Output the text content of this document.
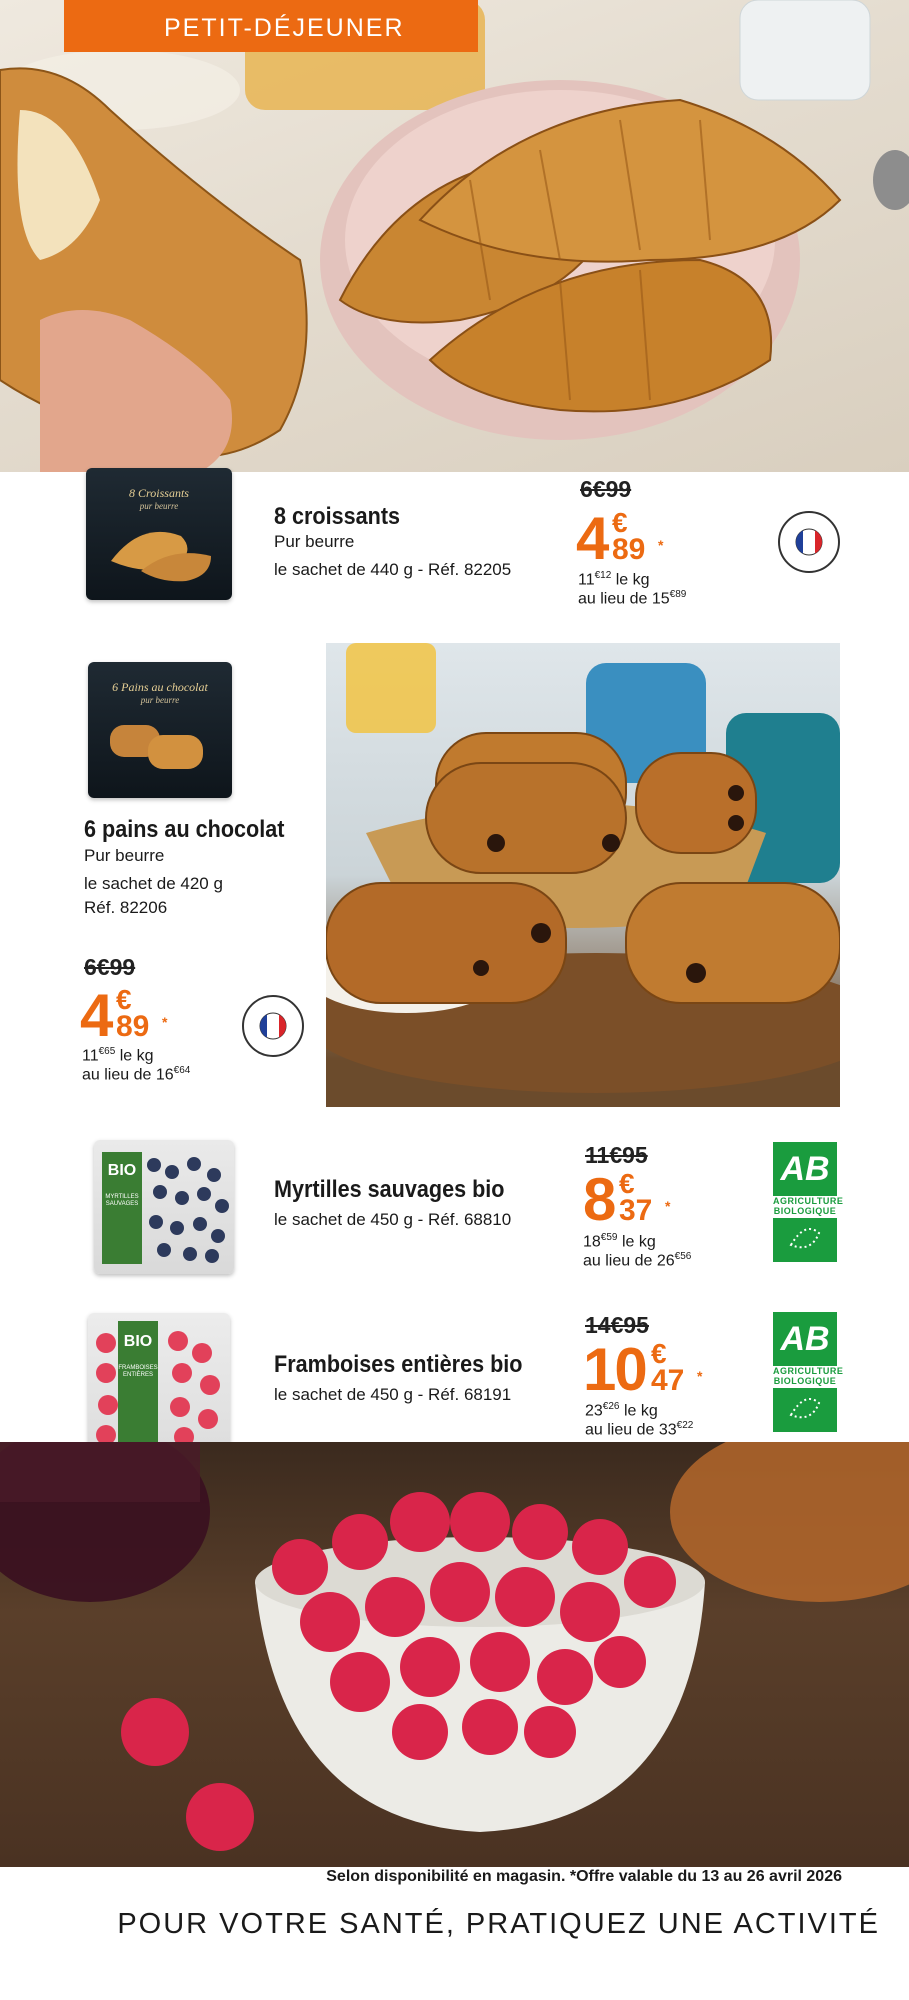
PETIT-DÉJEUNER
8 Croissants
pur beurre	8 croissants
Pur beurre
le sachet de 440 g - Réf. 82205
6€99
4 €
89 *
$11^{€12}$ le kg
au lieu de $15^{€89}$
6 Pains au chocolat
pur beurre
6 pains au chocolat
Pur beurre
le sachet de 420 g
Réf. 82206
6€99
4 €
89 *
$11^{€65}$ le kg
au lieu de $16^{€64}$
BIO
MYRTILLES SAUVAGES
Myrtilles sauvages bio
le sachet de 450 g - Réf. 68810
11€95
8 €
37 *
$18^{€59}$ le kg
au lieu de $26^{€56}$
AB
AGRICULTURE
BIOLOGIQUE
BIO
FRAMBOISES ENTIÈRES	Framboises entières bio
le sachet de 450 g - Réf. 68191
14€95
10 €
47 *
$23^{€26}$ le kg
au lieu de $33^{€22}$
AB
AGRICULTURE
BIOLOGIQUE
Selon disponibilité en magasin. *Offre valable du 13 au 26 avril 2026
POUR VOTRE SANTÉ, PRATIQUEZ UNE ACTIVITÉ
